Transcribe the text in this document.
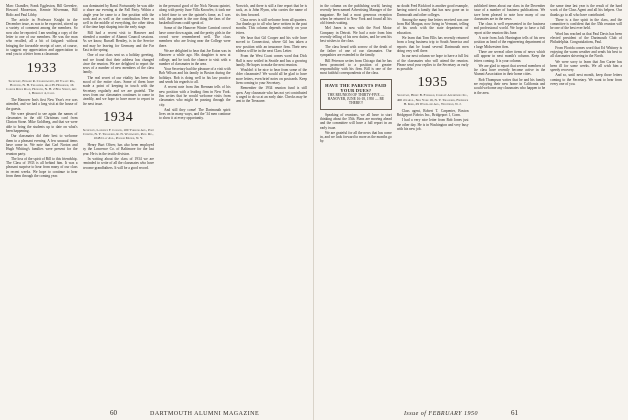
Marc Chandler, Frank Eggleston, Bill Greenlee, Howard Mooreston, Kennie Silverman, Bill Ridic and Paul Libby.

The article in Professor Knight in the December issue, as was to be expected, stirred up a variety of comment among the members. So now also he reported. I am sending a copy of the letter to one of our members. He was the man who recalled, all a bit of fatigued: without bringing the favorable receipt of care, of course, to suggest my appreciation and appreciation to read you to a letter from a classmate.

1933
Secretary, Edward R. Charlesworth, 20 Valley Rd., Hanover, N. H. Treasurer, Alan H. Holbrook, 16 Carver Ridge Road, Hanover, N. H. 2 Bow Street, Apt. 1, Berkeley 4, Calif.

The Hanover Inn's first New Year's eve was attended, and we had a long visit at the house of the guests.

We were pleased to see again the names of classmates in the old Christmas card from Clinton Stone. Mike Goldberg, and that we were able to bring the students up to date on what's been happening.

Our classmates did their best to welcome them to a pleasant evening. A few unusual items have come in. We note that Carl Norton and Hugh Whiting's families were present for the reunion party.

The loss of the spirit of Bill to this friendship. The Class of 1933 is all behind him. It was a pleasant surprise to hear from many of our class in recent weeks. We hope to continue to hear from them through the coming year.

was dominated by Rand. Fortunately he was able to share our evening at the Fall Party. Within a single year he came to a fine position with the work and as well as the contribution. Here as well in the middle of everything, the other ideas of the time kept shaping into the early stage.

Bill had a recent visit to Hanover and attended a number of Alumni Council sessions. As we know, Russell Bentley, is in the Service and may be leaving for Germany and the Far East in the spring.

One of our class sent us a holiday greeting, and we found that their address has changed since the reunion. We are delighted to report the news of a number of new members of the class family.

The real secret of our vitality has been the mood of the entire class. Some of them have made a point of keeping in touch with the Secretary regularly and we are grateful. The news from our classmates continues to come in steadily, and we hope to have more to report in the next issue.

1934
Secretary, Laurence F. Jackson, 100 Tybrook Ave., Port Chester, N. Y. Treasurer, R. N. Wadsworth, Prof. Rd., 1048 Clay Ave., Pelham Manor, N. Y.

Henry Burt Oliver, has also been employed by the Lawrence Co. of Baltimore for the last year. He is in the textile division.

In writing about the class of 1934 we are reminded to write of all the classmates who have become grandfathers. It will be a good record.

in the personal good of the Nick Nassau quintet, along with pretty June Villa Knowles; it took me a brief time to see the quintet's fame, as I was told, the quintet is the one thing the fans of the basketball team could speak of.

Some of the Hanover Winter Carnival crowd have come down again, and the pretty girls in the crowd were remembered well. The class members who are living near the College were there.

We are delighted to hear that Joe Eaton was in Hanover a while ago. His daughter is now at college, and he took the chance to visit with a number of classmates in the area.

Your Secretary had the pleasure of a visit with Bob Wilson and his family in Boston during the holidays. Bob is doing well in his law practice and sends his regards to all.

A recent note from Jim Brennan tells of his new position with a leading firm in New York. Jim writes that he would welcome visits from classmates who might be passing through the city.

And still they come! The Dartmouth spirit lives on in many ways, and the '34 men continue to show it at every opportunity.

Norwich, and there is still a fine report that he is back, as is John Flynn, who carries the name of his firm forward.

Class news is still welcome from all quarters. Our thanks go to all who have written in the past months. This column depends entirely on your letters.

We hear that Gil Cooper and his wife have moved to Connecticut, where Gil has taken a new position with an insurance firm. Their new address will be in the next Class Letter.

From the West Coast comes word that Dick Hall is now settled in Seattle and has a growing family. He hopes to make the next reunion.

Wouldn't it be nice to hear from some of the older classmates? We would all be glad to have more letters, even brief notes on postcards. Keep them coming to your Secretary.

Remember the 1934 reunion fund is still open. Any classmate who has not yet contributed is urged to do so at an early date. Checks may be sent to the Treasurer.

60	DARTMOUTH ALUMNI MAGAZINE

in the column on the publishing world, having recently been named Advertising Manager of the magazine. He had a most generous reception when he returned to New York and found all his old friends waiting.

Mel Jones is now with the Ford Motor Company in Detroit. We had a note from him recently telling of his new duties, and he sent his best wishes to the class.

The class heard with sorrow of the death of the father of one of our classmates. Our sympathies are extended to the family.

Bill Peterson writes from Chicago that he has been promoted to a position of greater responsibility with his firm. Bill is one of the most faithful correspondents of the class.

HAVE THE PARENTS PAID YOUR DUES?
THE REUNION OF THIRTY-FIVE — HANOVER, JUNE 16-18, 1950 — BE THERE!!

Speaking of reunions, we all have to start thinking about the 35th. Plans are moving ahead and the committee will have a full report in an early issue.

We are grateful for all the news that has come in, and we look forward to more as the months go by.

no doubt Fred Bickford is another good example, having raised a family that has now gone on to Dartmouth and other colleges.

Among the many fine letters received was one from Hal Morgan, now living in Vermont, telling of his work with the state department of education.

We learn that Tom Ellis has recently returned from a long business trip to South America and reports that he found several Dartmouth men doing very well there.

In our next column we hope to have a full list of the classmates who will attend the reunion. Please send your replies to the Secretary as early as possible.

1935
Secretary, Henry B. Eyerman, Company Advertising Inc., 400 4th Ave., New York 16, N. Y. Treasurer, Frederick H. Kirk, 29 Woodland Ave., Westfield, N. J.

Class agent, Robert T. Carpenter, Boston Bridgeport Fabrics Inc., Bridgeport 1, Conn.

I had a very nice letter from Bob Jones just the other day. He is in Washington and very busy with his new job.

published items about our class in the December issue of a number of business publications. We have been pleased to note how many of our classmates are in the news.

The class is well represented in the business and professional world. We hope to have a full report at the reunion this June.

A note from Jack Harrington tells of his new position as head of the engineering department of a large Midwestern firm.

There are several other items of news which will appear in next month's column. Keep the letters coming. It is your column.

We are glad to report that several members of the class have recently become active in the Alumni Association in their home cities.

Bob Thompson writes that he and his family are enjoying their new home in California and would welcome any classmates who happen to be in the area.

the same time last year is the result of the hard work of the Class Agent and all his helpers. Our thanks go to all who have contributed.

There is a fine spirit in the class, and the committee is confident that the 35th reunion will be one of the best ever held.

Word has reached us that Paul Davis has been elected president of the Dartmouth Club of Philadelphia. Congratulations, Paul.

From Florida comes word that Ed Whitney is enjoying the warm weather and sends his best to all classmates shivering in the North.

We were sorry to learn that Jim Carter has been ill for some weeks. We all wish him a speedy recovery.

And so, until next month, keep those letters coming to the Secretary. We want to hear from every one of you.

Issue of FEBRUARY 1950	61
